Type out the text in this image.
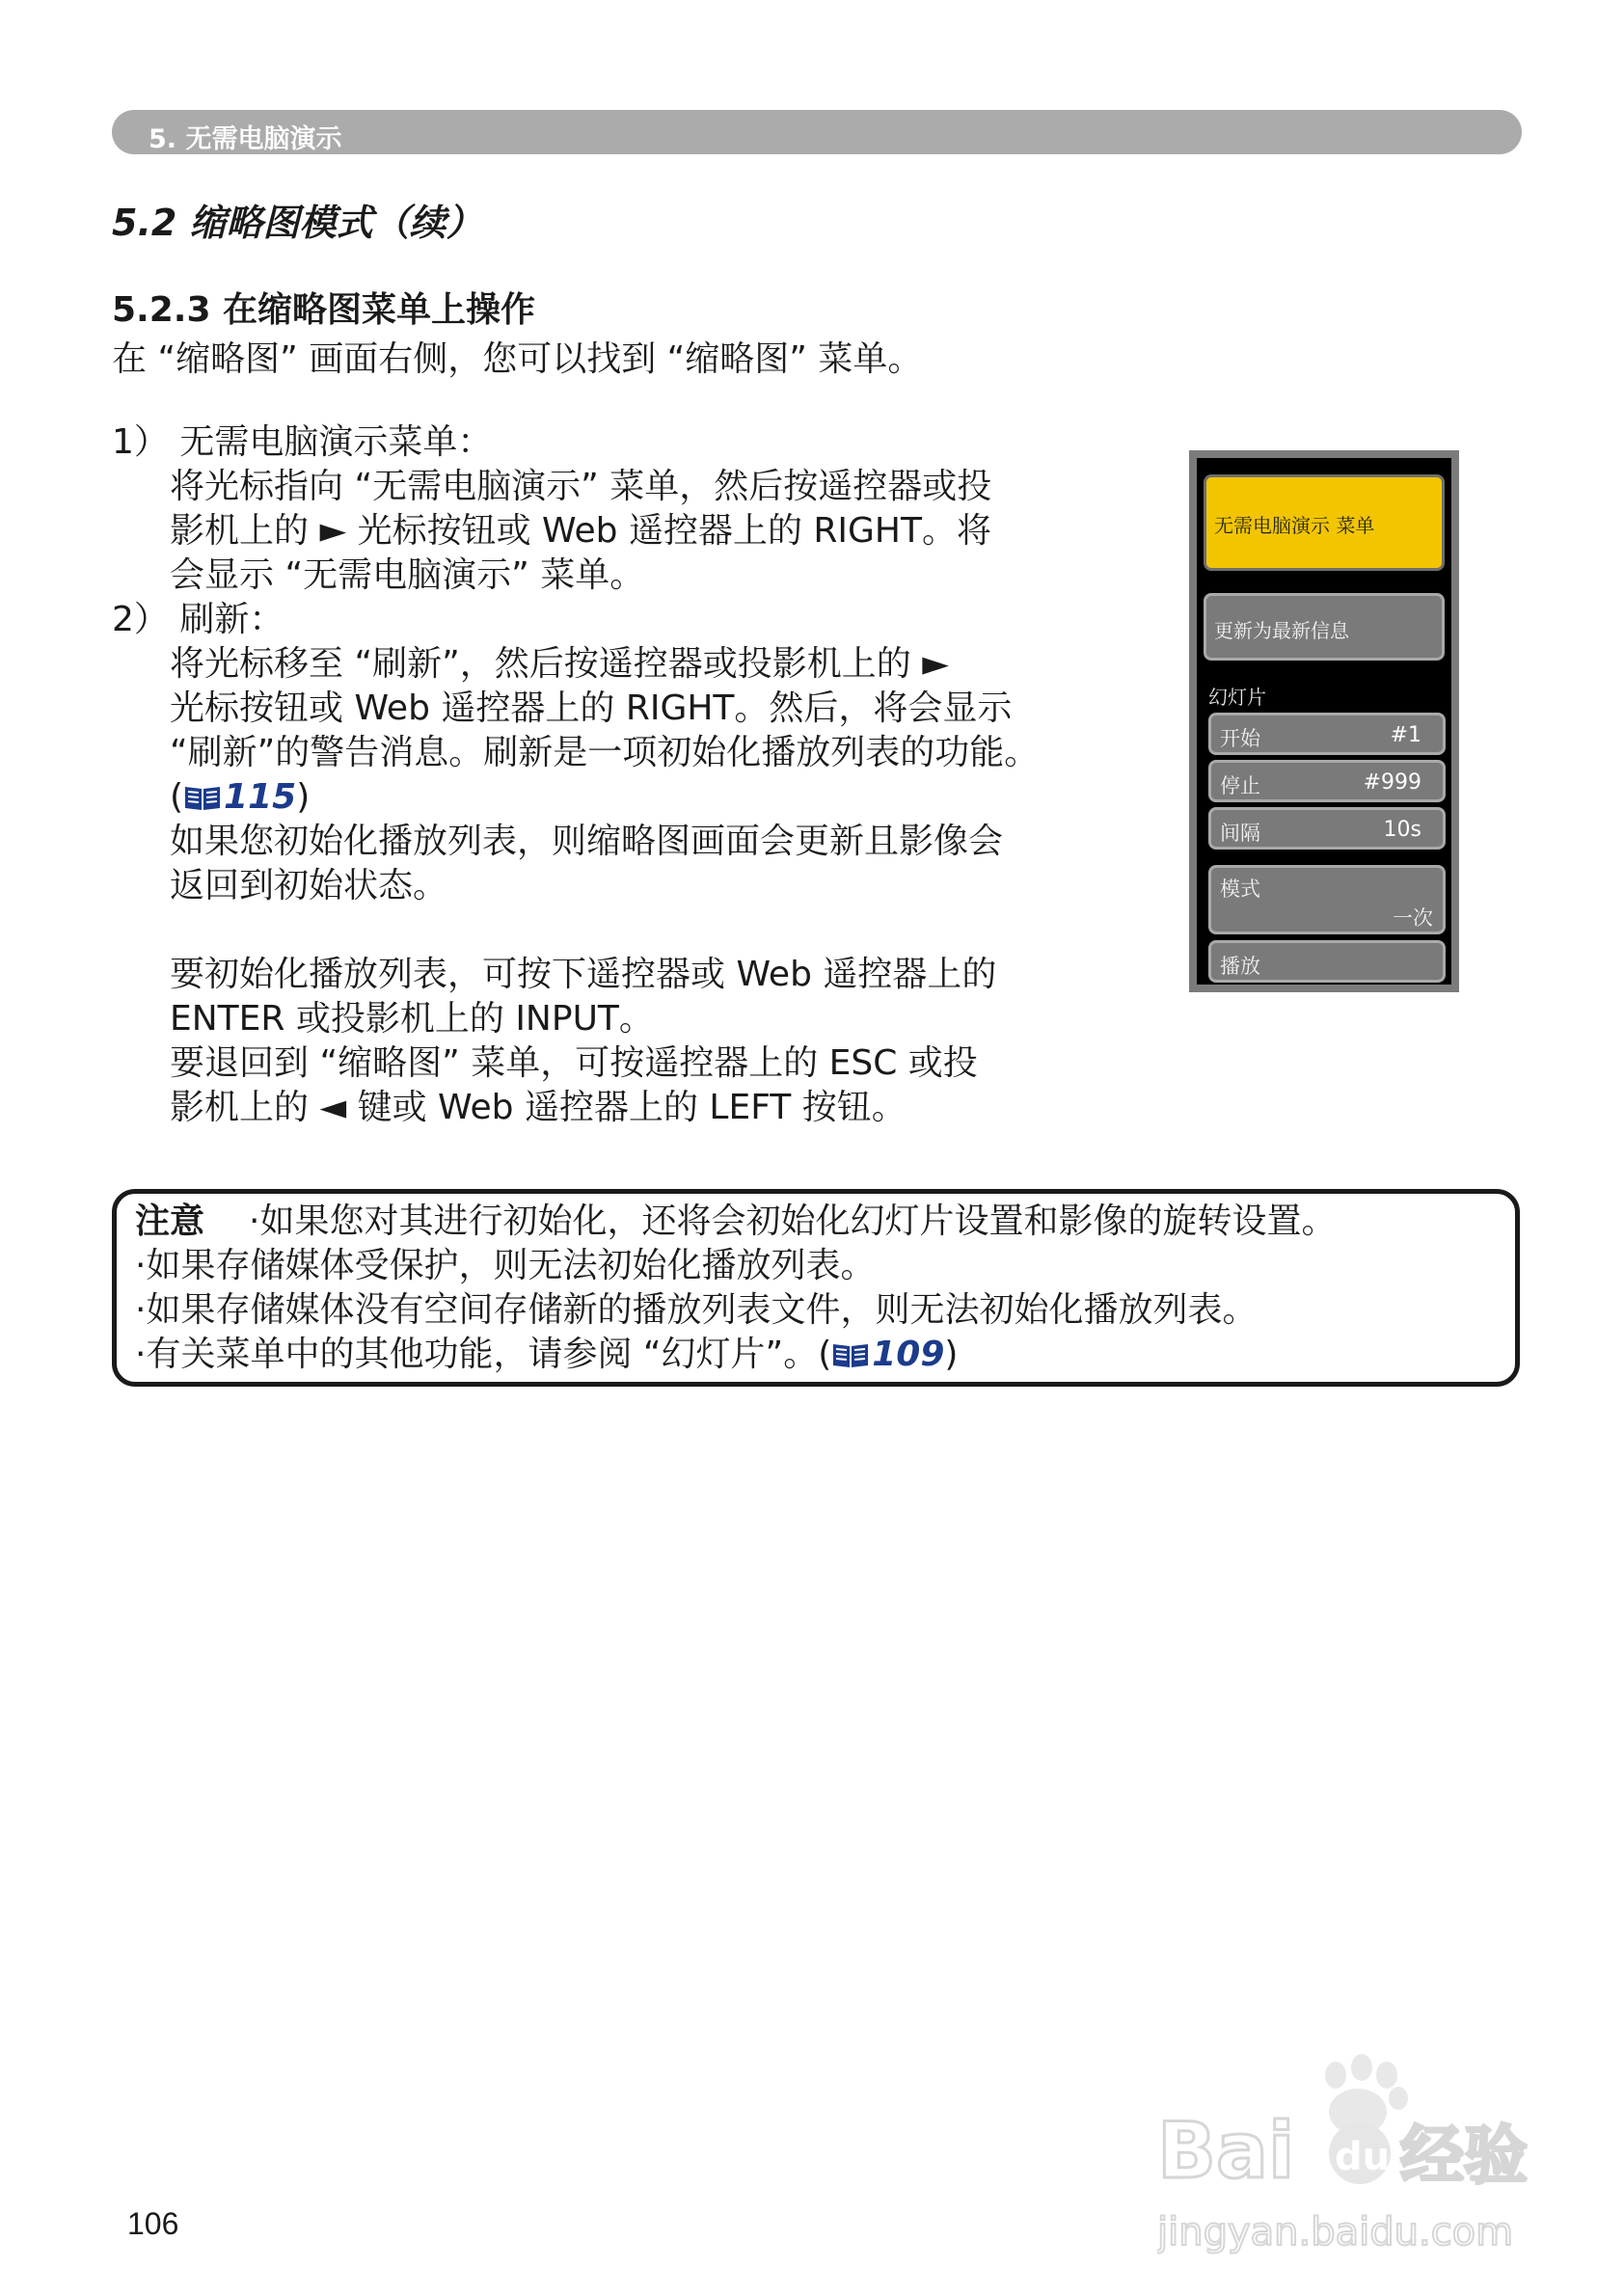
5. 无需电脑演示
5.2 缩略图模式（续）
5.2.3 在缩略图菜单上操作
在 “缩略图” 画面右侧，您可以找到 “缩略图” 菜单。
1） 无需电脑演示菜单：
将光标指向 “无需电脑演示” 菜单，然后按遥控器或投
影机上的 ► 光标按钮或 Web 遥控器上的 RIGHT。将
会显示 “无需电脑演示” 菜单。
2） 刷新：
将光标移至 “刷新”，然后按遥控器或投影机上的 ►
光标按钮或 Web 遥控器上的 RIGHT。然后，将会显示
“刷新”的警告消息。刷新是一项初始化播放列表的功能。
( 115)
如果您初始化播放列表，则缩略图画面会更新且影像会
返回到初始状态。
要初始化播放列表，可按下遥控器或 Web 遥控器上的
ENTER 或投影机上的 INPUT。
要退回到 “缩略图” 菜单，可按遥控器上的 ESC 或投
影机上的 ◄ 键或 Web 遥控器上的 LEFT 按钮。
无需电脑演示 菜单
更新为最新信息
幻灯片
开始	#1
停止	#999
间隔	10s
模式
一次
播放
注意 ·如果您对其进行初始化，还将会初始化幻灯片设置和影像的旋转设置。
·如果存储媒体受保护，则无法初始化播放列表。
·如果存储媒体没有空间存储新的播放列表文件，则无法初始化播放列表。
·有关菜单中的其他功能，请参阅 “幻灯片”。( 109)
106
Bai du 经验
jingyan.baidu.com
